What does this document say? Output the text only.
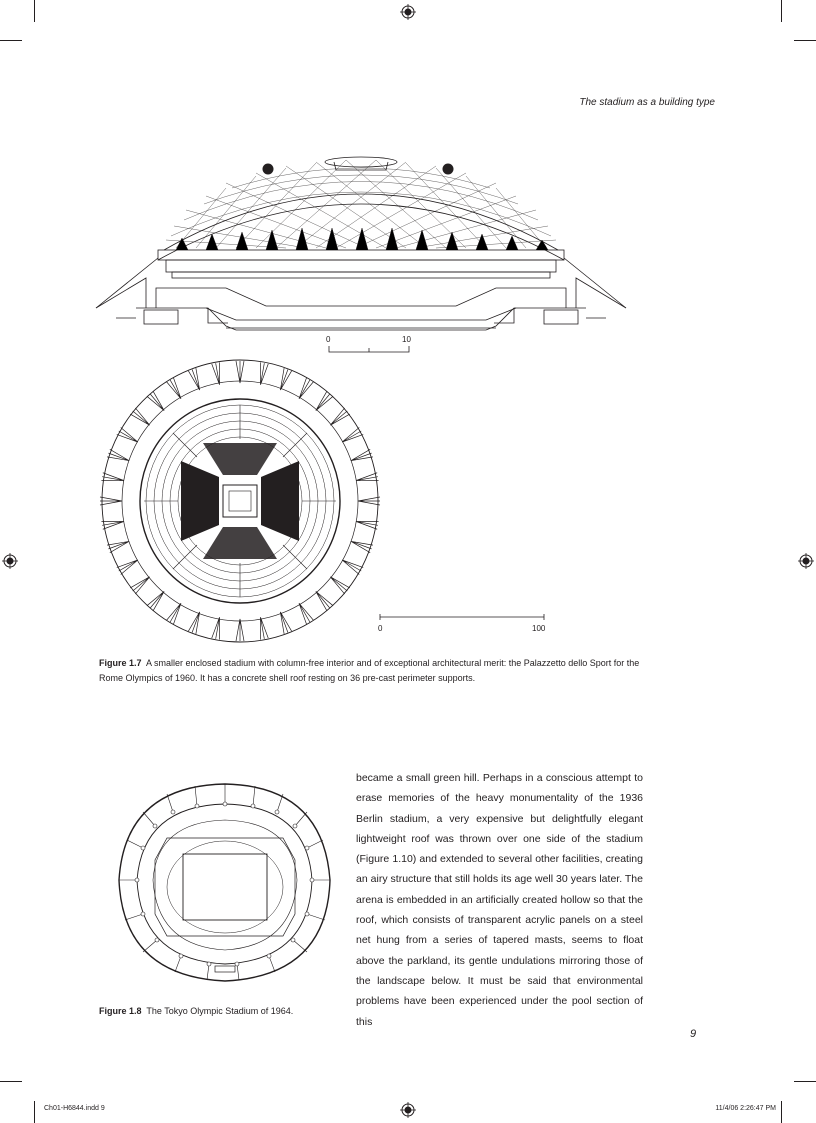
The stadium as a building type
0	10
0	100
Figure 1.7 A smaller enclosed stadium with column-free interior and of exceptional architectural merit: the Palazzetto dello Sport for the Rome Olympics of 1960. It has a concrete shell roof resting on 36 pre-cast perimeter supports.
Figure 1.8 The Tokyo Olympic Stadium of 1964.
became a small green hill. Perhaps in a conscious attempt to erase memories of the heavy monumentality of the 1936 Berlin stadium, a very expensive but delightfully elegant lightweight roof was thrown over one side of the stadium (Figure 1.10) and extended to several other facilities, creating an airy structure that still holds its age well 30 years later. The arena is embedded in an artificially created hollow so that the roof, which consists of transparent acrylic panels on a steel net hung from a series of tapered masts, seems to float above the parkland, its gentle undulations mirroring those of the landscape below. It must be said that environmental problems have been experienced under the pool section of this
9
Ch01-H6844.indd 9	11/4/06 2:26:47 PM
